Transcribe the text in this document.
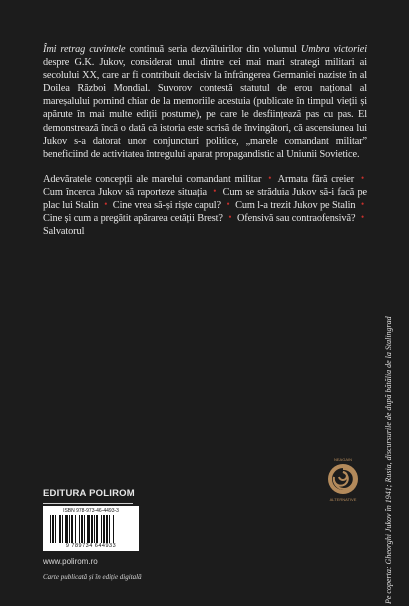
Îmi retrag cuvintele continuă seria dezvăluirilor din volumul Umbra victoriei despre G.K. Jukov, considerat unul dintre cei mai mari strategi militari ai secolului XX, care ar fi contribuit decisiv la înfrângerea Germaniei naziste în al Doilea Război Mondial. Suvorov contestă statutul de erou național al mareșalului pornind chiar de la memoriile acestuia (publicate în timpul vieții și apărute în mai multe ediții postume), pe care le desființează pas cu pas. El demonstrează încă o dată că istoria este scrisă de învingători, că ascensiunea lui Jukov s-a datorat unor conjuncturi politice, „marele comandant militar” beneficiind de activitatea întregului aparat propagandistic al Uniunii Sovietice.

Adevăratele concepții ale marelui comandant militar • Armata fără creier • Cum încerca Jukov să raporteze situația • Cum se străduia Jukov să-i facă pe plac lui Stalin • Cine vrea să-și riște capul? • Cum l-a trezit Jukov pe Stalin • Cine și cum a pregătit apărarea cetății Brest? • Ofensivă sau contraofensivă? • Salvatorul

Pe coperta: Gheorghi Jukov în 1941; Rusia, discursurile de după bătălia de la Stalingrad
NEAGAIN
ALTERNATIVE
EDITURA POLIROM
ISBN 978-973-46-4493-3
9 789734 644933
www.polirom.ro
Carte publicată și în ediție digitală
